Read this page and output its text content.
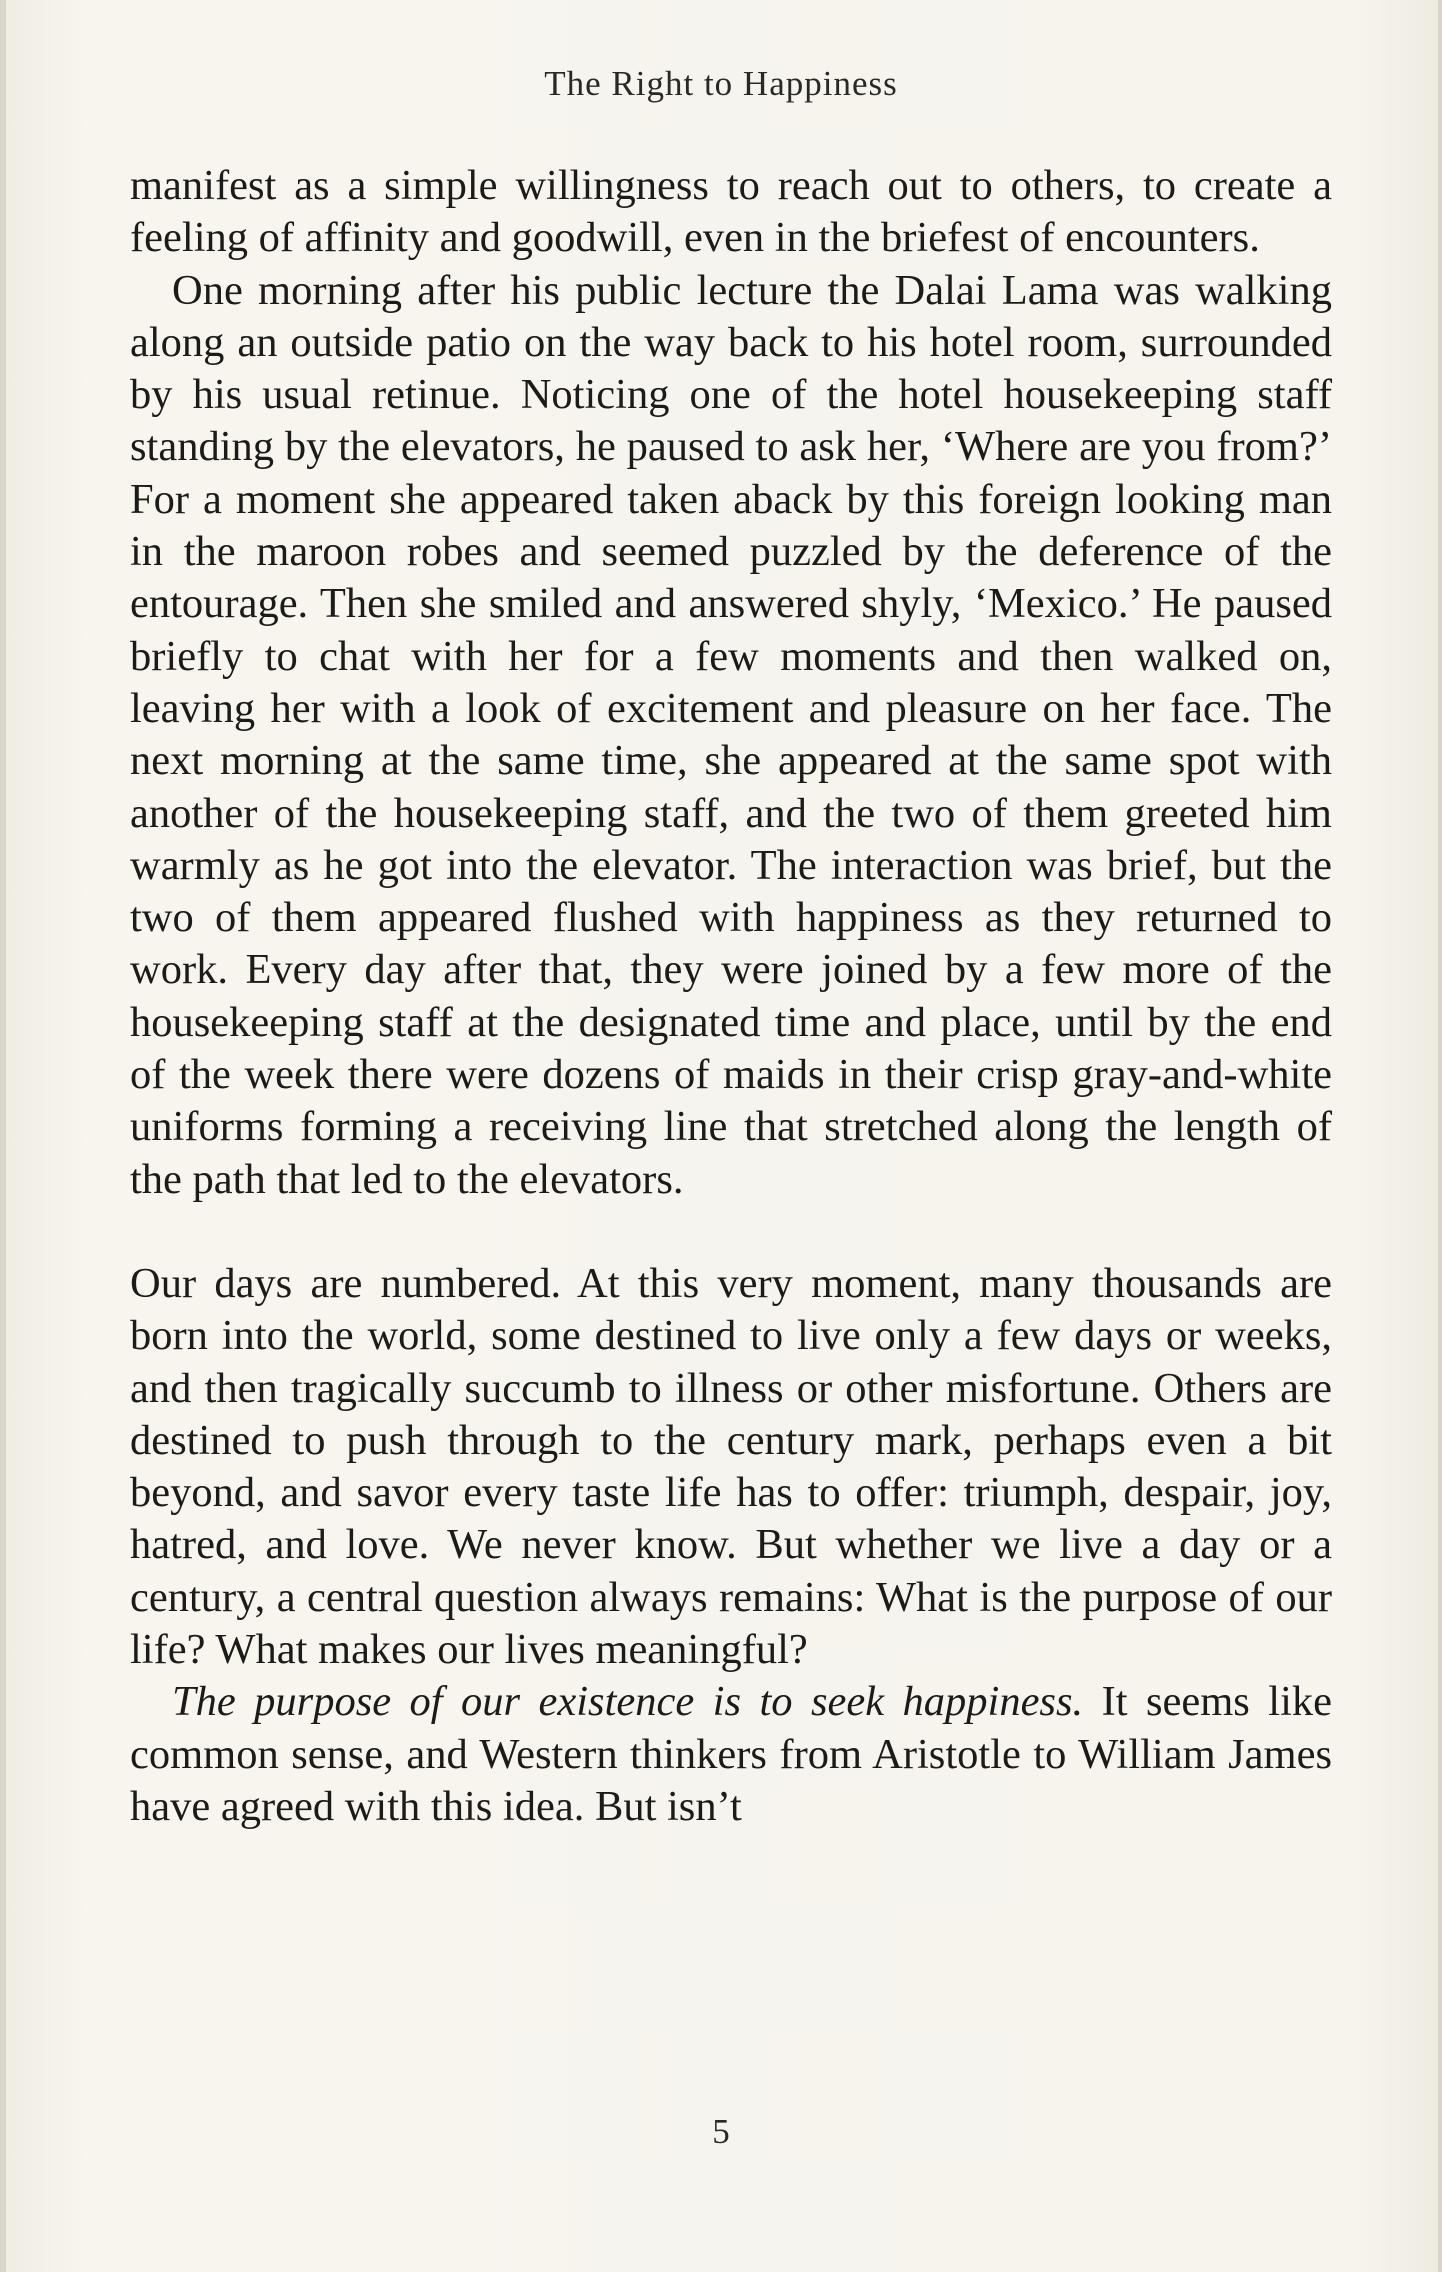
The Right to Happiness

manifest as a simple willingness to reach out to others, to create a feeling of affinity and goodwill, even in the briefest of encounters.

One morning after his public lecture the Dalai Lama was walking along an outside patio on the way back to his hotel room, surrounded by his usual retinue. Noticing one of the hotel housekeeping staff standing by the elevators, he paused to ask her, ‘Where are you from?’ For a moment she appeared taken aback by this foreign looking man in the maroon robes and seemed puzzled by the deference of the entourage. Then she smiled and answered shyly, ‘Mexico.’ He paused briefly to chat with her for a few moments and then walked on, leaving her with a look of excitement and pleasure on her face. The next morning at the same time, she appeared at the same spot with another of the housekeeping staff, and the two of them greeted him warmly as he got into the elevator. The interaction was brief, but the two of them appeared flushed with happiness as they returned to work. Every day after that, they were joined by a few more of the housekeeping staff at the designated time and place, until by the end of the week there were dozens of maids in their crisp gray-and-white uniforms forming a receiving line that stretched along the length of the path that led to the elevators.

Our days are numbered. At this very moment, many thousands are born into the world, some destined to live only a few days or weeks, and then tragically succumb to illness or other misfortune. Others are destined to push through to the century mark, perhaps even a bit beyond, and savor every taste life has to offer: triumph, despair, joy, hatred, and love. We never know. But whether we live a day or a century, a central question always remains: What is the purpose of our life? What makes our lives meaningful?

The purpose of our existence is to seek happiness. It seems like common sense, and Western thinkers from Aristotle to William James have agreed with this idea. But isn’t

5
